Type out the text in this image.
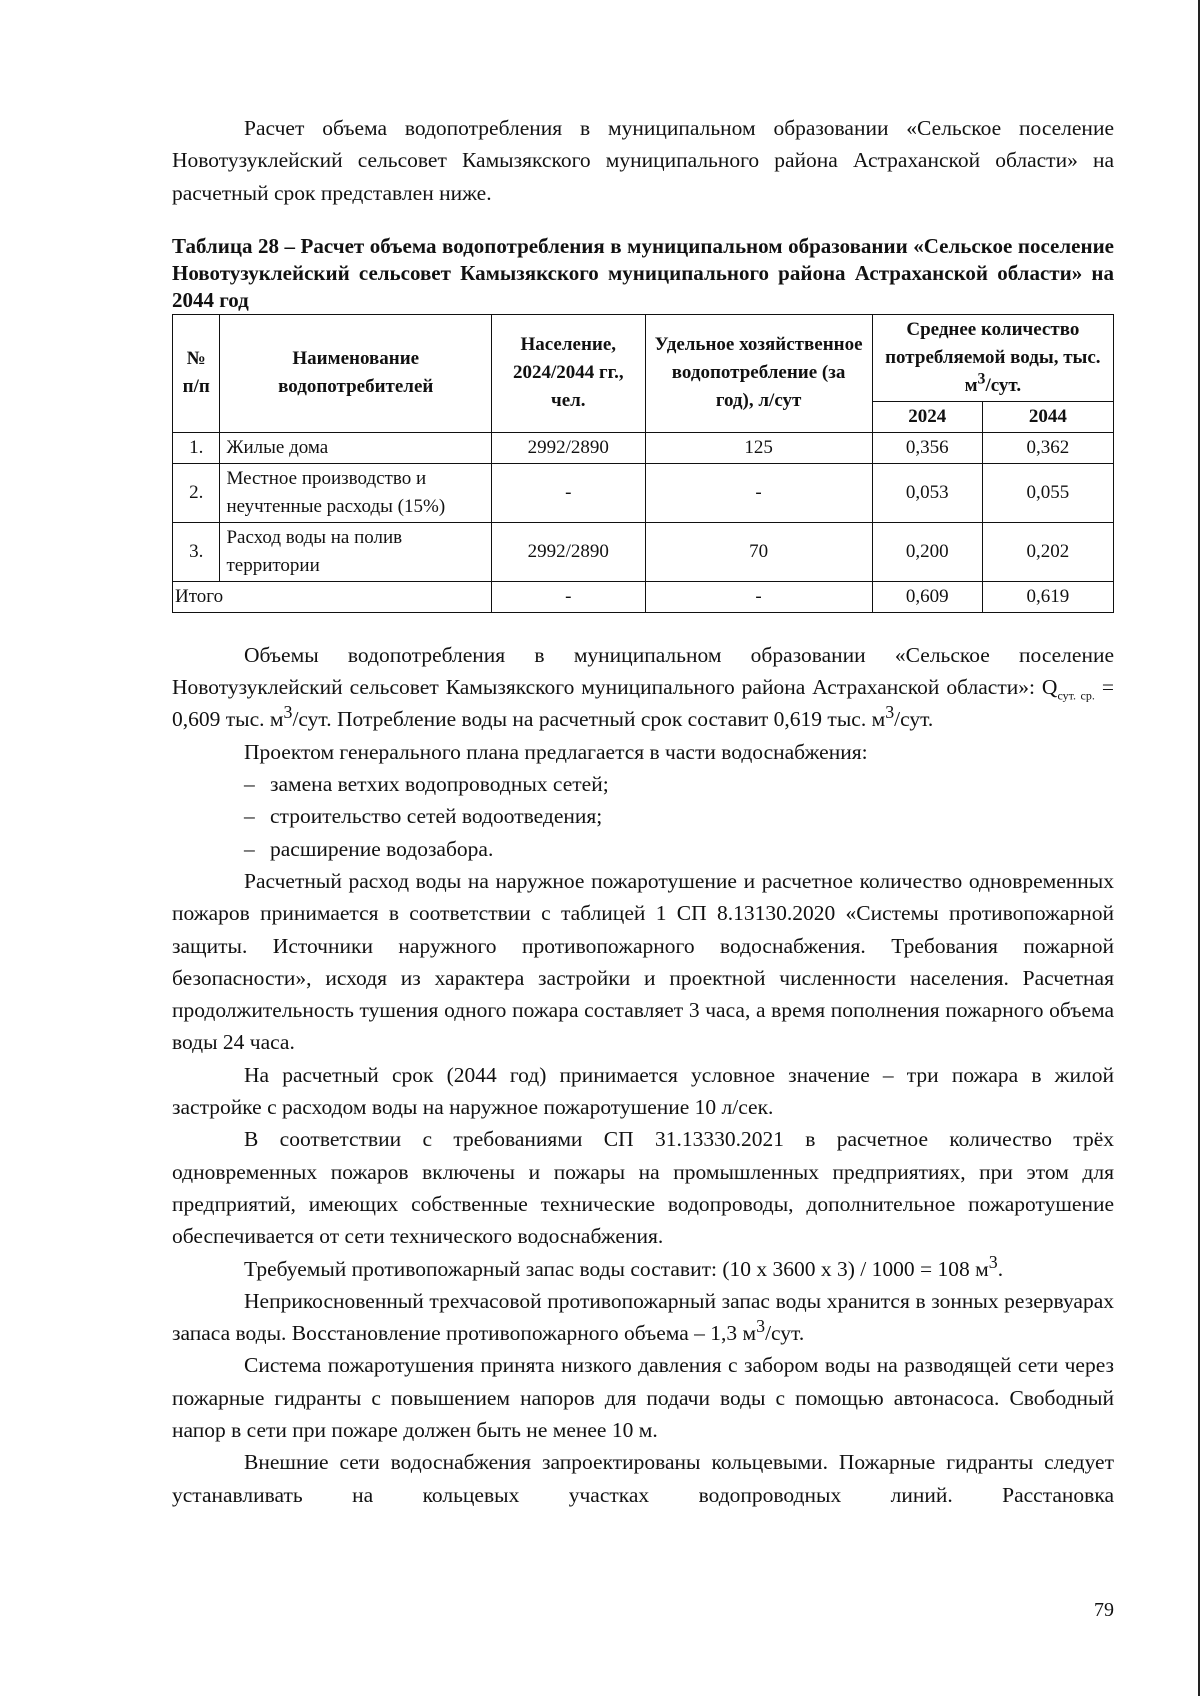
Расчет объема водопотребления в муниципальном образовании «Сельское поселение Новотузуклейский сельсовет Камызякского муниципального района Астраханской области» на расчетный срок представлен ниже.

Таблица 28 – Расчет объема водопотребления в муниципальном образовании «Сельское поселение Новотузуклейский сельсовет Камызякского муниципального района Астраханской области» на 2044 год

№ п/п	Наименование водопотребителей	Население, 2024/2044 гг., чел.	Удельное хозяйственное водопотребление (за год), л/сут	Среднее количество потребляемой воды, тыс. $м^3$/сут.	
				2024	2044
1.	Жилые дома	2992/2890	125	0,356	0,362
2.	Местное производство и неучтенные расходы (15%)	-	-	0,053	0,055
3.	Расход воды на полив территории	2992/2890	70	0,200	0,202
Итого		-	-	0,609	0,619

Объемы водопотребления в муниципальном образовании «Сельское поселение Новотузуклейский сельсовет Камызякского муниципального района Астраханской области»: $Q_{сут. ср.} = 0,609$ тыс. $м^3$/сут. Потребление воды на расчетный срок составит 0,619 тыс. $м^3$/сут.

Проектом генерального плана предлагается в части водоснабжения:

– замена ветхих водопроводных сетей;
– строительство сетей водоотведения;
– расширение водозабора.

Расчетный расход воды на наружное пожаротушение и расчетное количество одновременных пожаров принимается в соответствии с таблицей 1 СП 8.13130.2020 «Системы противопожарной защиты. Источники наружного противопожарного водоснабжения. Требования пожарной безопасности», исходя из характера застройки и проектной численности населения. Расчетная продолжительность тушения одного пожара составляет 3 часа, а время пополнения пожарного объема воды 24 часа.

На расчетный срок (2044 год) принимается условное значение – три пожара в жилой застройке с расходом воды на наружное пожаротушение 10 л/сек.

В соответствии с требованиями СП 31.13330.2021 в расчетное количество трёх одновременных пожаров включены и пожары на промышленных предприятиях, при этом для предприятий, имеющих собственные технические водопроводы, дополнительное пожаротушение обеспечивается от сети технического водоснабжения.

Требуемый противопожарный запас воды составит: (10 х 3600 х 3) / 1000 = 108 $м^3$.

Неприкосновенный трехчасовой противопожарный запас воды хранится в зонных резервуарах запаса воды. Восстановление противопожарного объема – 1,3 $м^3$/сут.

Система пожаротушения принята низкого давления с забором воды на разводящей сети через пожарные гидранты с повышением напоров для подачи воды с помощью автонасоса. Свободный напор в сети при пожаре должен быть не менее 10 м.

Внешние сети водоснабжения запроектированы кольцевыми. Пожарные гидранты следует устанавливать на кольцевых участках водопроводных линий. Расстановка

79
